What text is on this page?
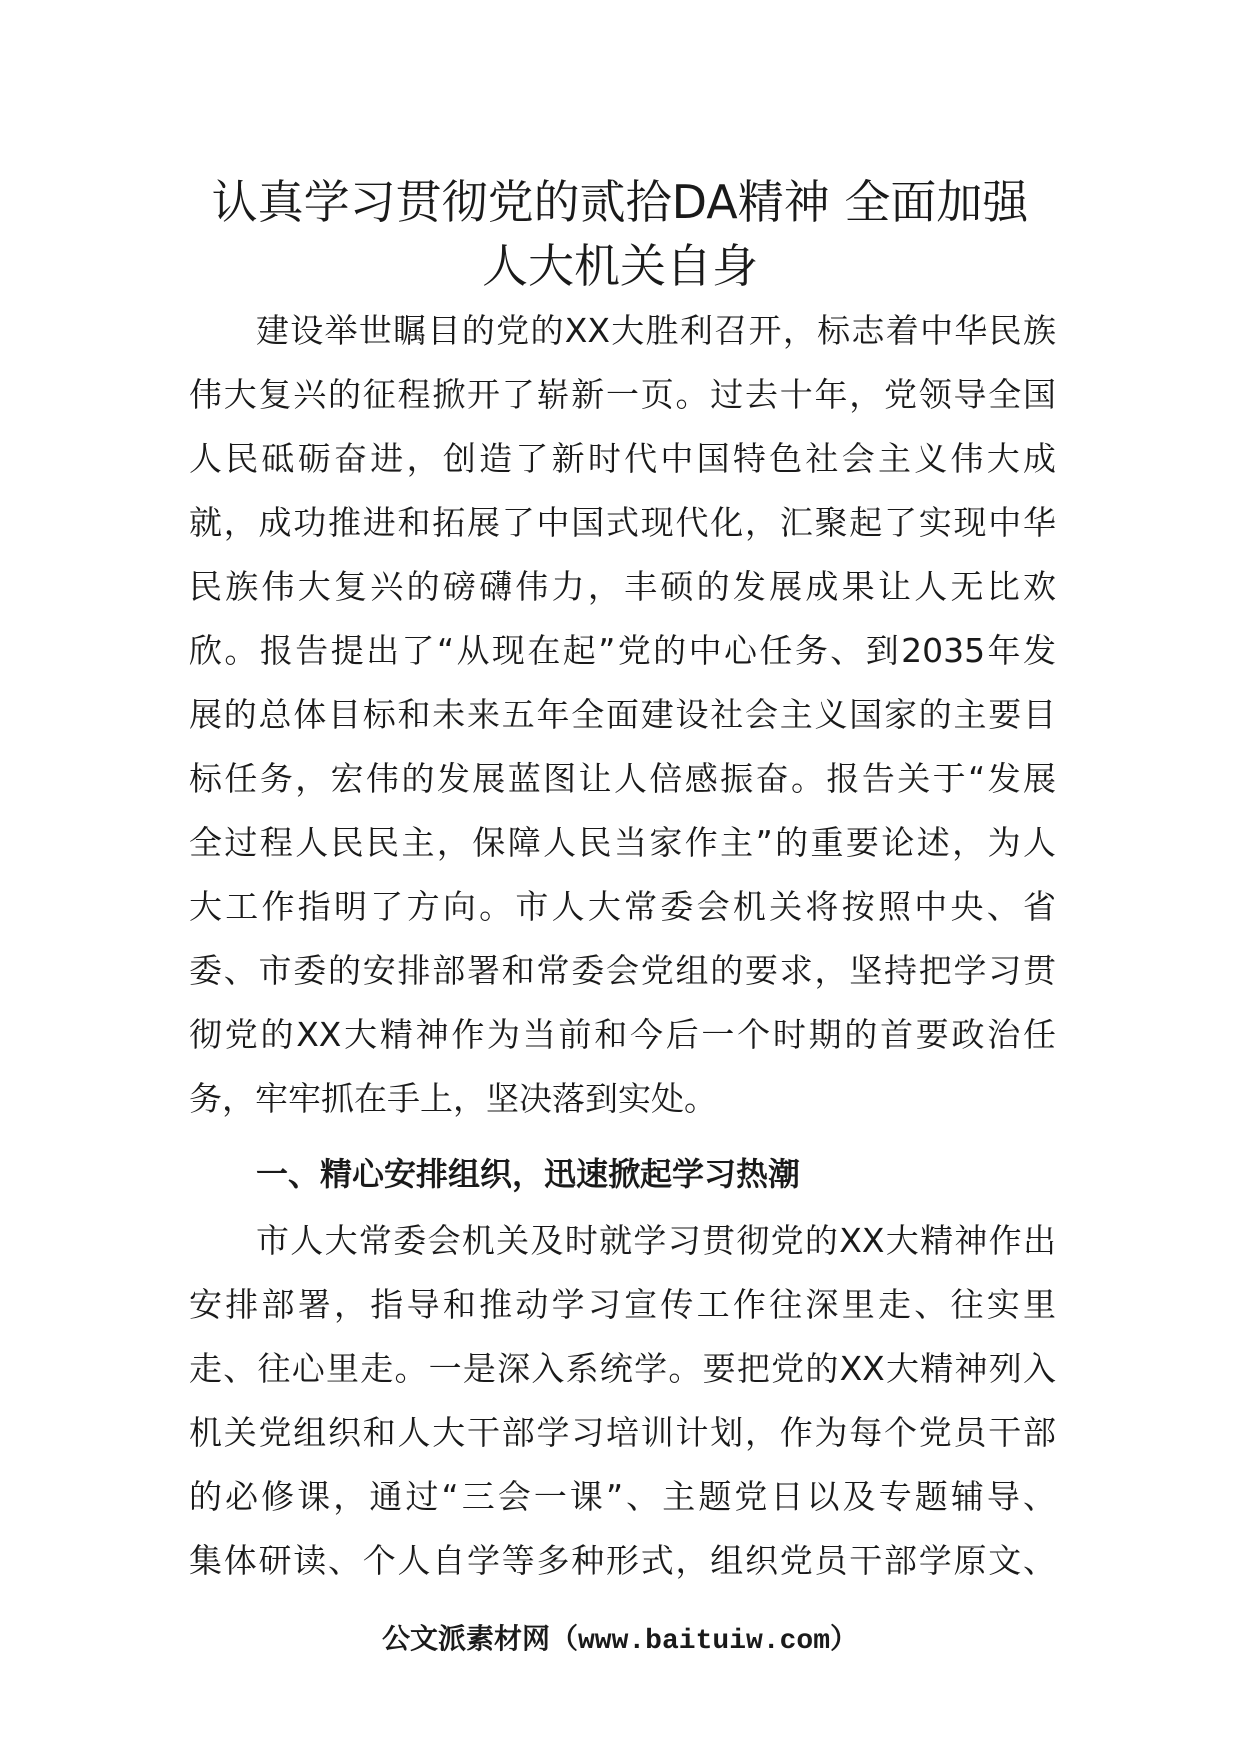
认真学习贯彻党的贰拾DA精神 全面加强
人大机关自身

建设举世瞩目的党的XX大胜利召开，标志着中华民族
伟大复兴的征程掀开了崭新一页。过去十年，党领导全国
人民砥砺奋进，创造了新时代中国特色社会主义伟大成
就，成功推进和拓展了中国式现代化，汇聚起了实现中华
民族伟大复兴的磅礴伟力，丰硕的发展成果让人无比欢
欣。报告提出了“从现在起”党的中心任务、到2035年发
展的总体目标和未来五年全面建设社会主义国家的主要目
标任务，宏伟的发展蓝图让人倍感振奋。报告关于“发展
全过程人民民主，保障人民当家作主”的重要论述，为人
大工作指明了方向。市人大常委会机关将按照中央、省
委、市委的安排部署和常委会党组的要求，坚持把学习贯
彻党的XX大精神作为当前和今后一个时期的首要政治任
务，牢牢抓在手上，坚决落到实处。

一、精心安排组织，迅速掀起学习热潮

市人大常委会机关及时就学习贯彻党的XX大精神作出
安排部署，指导和推动学习宣传工作往深里走、往实里
走、往心里走。一是深入系统学。要把党的XX大精神列入
机关党组织和人大干部学习培训计划，作为每个党员干部
的必修课，通过“三会一课”、主题党日以及专题辅导、
集体研读、个人自学等多种形式，组织党员干部学原文、

公文派素材网（www.baituiw.com）
